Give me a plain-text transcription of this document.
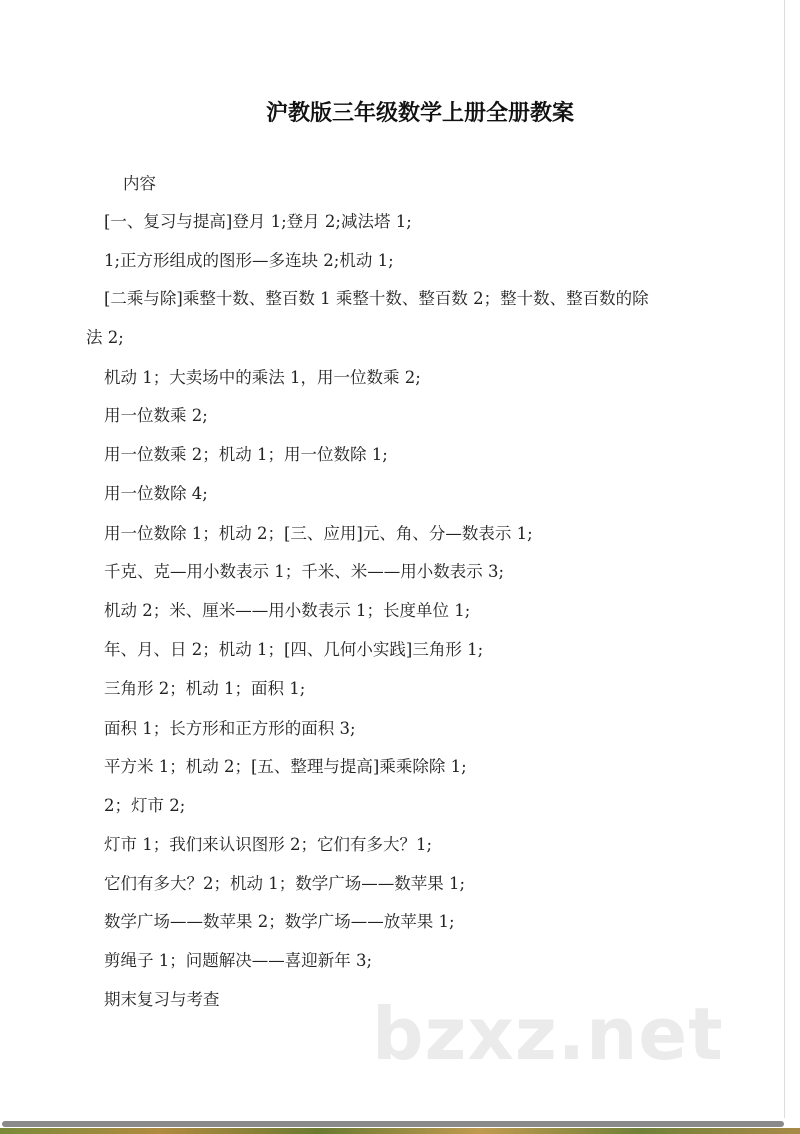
沪教版三年级数学上册全册教案
内容
[一、复习与提高]登月 1;登月 2;减法塔 1;
1;正方形组成的图形—多连块 2;机动 1;
[二乘与除]乘整十数、整百数 1 乘整十数、整百数 2；整十数、整百数的除
法 2;
机动 1；大卖场中的乘法 1，用一位数乘 2;
用一位数乘 2;
用一位数乘 2；机动 1；用一位数除 1;
用一位数除 4;
用一位数除 1；机动 2；[三、应用]元、角、分—数表示 1;
千克、克—用小数表示 1；千米、米——用小数表示 3;
机动 2；米、厘米——用小数表示 1；长度单位 1;
年、月、日 2；机动 1；[四、几何小实践]三角形 1;
三角形 2；机动 1；面积 1;
面积 1；长方形和正方形的面积 3;
平方米 1；机动 2；[五、整理与提高]乘乘除除 1;
2；灯市 2;
灯市 1；我们来认识图形 2；它们有多大？1;
它们有多大？2；机动 1；数学广场——数苹果 1;
数学广场——数苹果 2；数学广场——放苹果 1;
剪绳子 1；问题解决——喜迎新年 3;
期末复习与考查 bzxz.net
